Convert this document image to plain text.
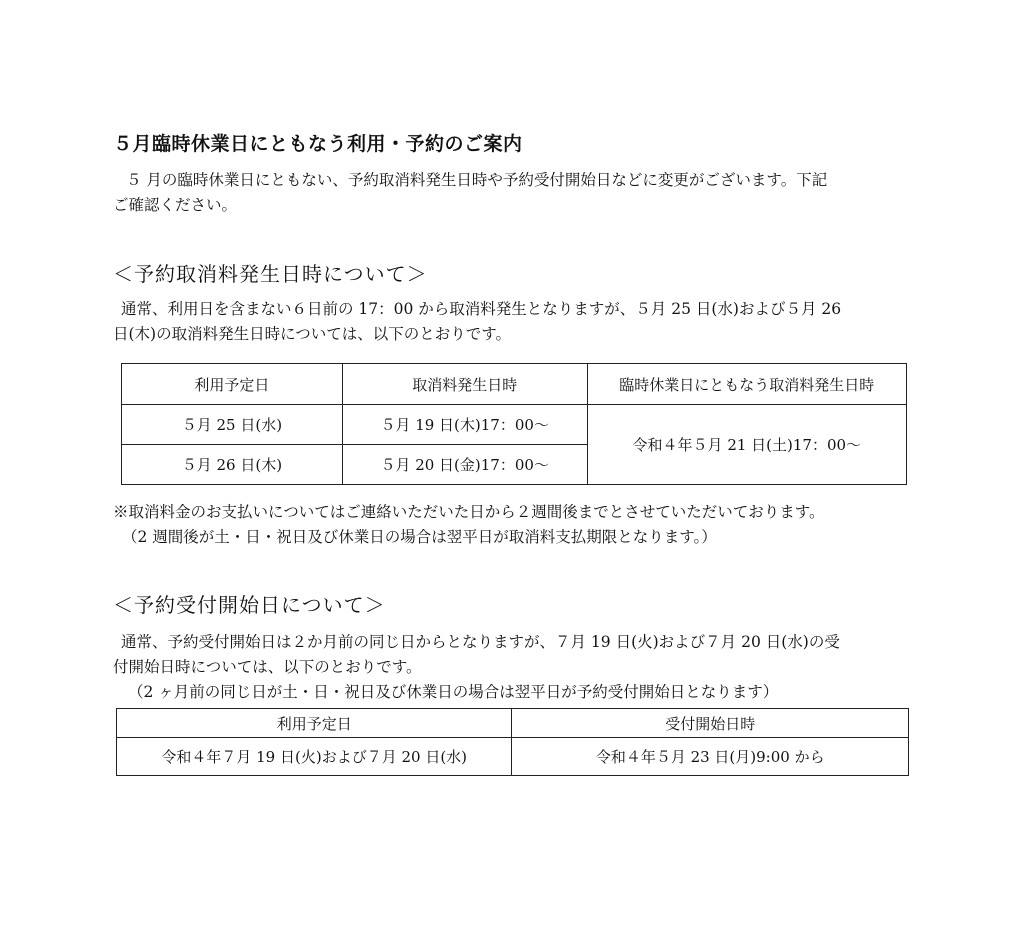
５月臨時休業日にともなう利用・予約のご案内
５ 月の臨時休業日にともない、予約取消料発生日時や予約受付開始日などに変更がございます。下記
ご確認ください。
＜予約取消料発生日時について＞
通常、利用日を含まない６日前の 17：00 から取消料発生となりますが、５月 25 日(水)および５月 26
日(木)の取消料発生日時については、以下のとおりです。
利用予定日	取消料発生日時	臨時休業日にともなう取消料発生日時
５月 25 日(水)	５月 19 日(木)17：00～	令和４年５月 21 日(土)17：00～
５月 26 日(木)	５月 20 日(金)17：00～	
※取消料金のお支払いについてはご連絡いただいた日から２週間後までとさせていただいております。
（2 週間後が土・日・祝日及び休業日の場合は翌平日が取消料支払期限となります。）
＜予約受付開始日について＞
通常、予約受付開始日は２か月前の同じ日からとなりますが、７月 19 日(火)および７月 20 日(水)の受
付開始日時については、以下のとおりです。
（2 ヶ月前の同じ日が土・日・祝日及び休業日の場合は翌平日が予約受付開始日となります）
利用予定日	受付開始日時
令和４年７月 19 日(火)および７月 20 日(水)	令和４年５月 23 日(月)9:00 から
